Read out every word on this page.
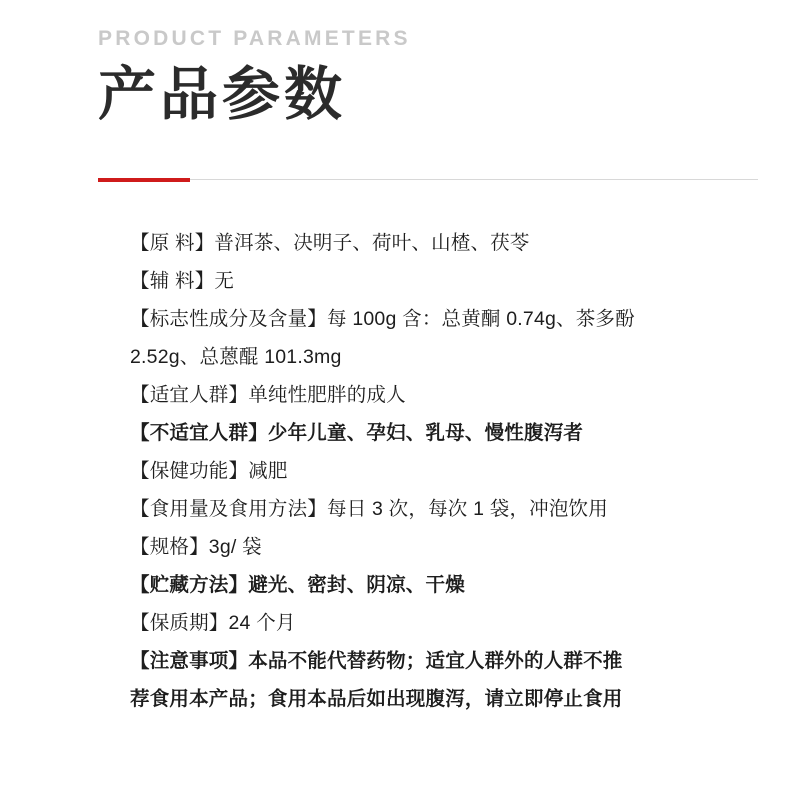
PRODUCT PARAMETERS
产品参数
【原 料】普洱茶、决明子、荷叶、山楂、茯苓
【辅 料】无
【标志性成分及含量】每 100g 含：总黄酮 0.74g、茶多酚
2.52g、总蒽醌 101.3mg
【适宜人群】单纯性肥胖的成人
【不适宜人群】少年儿童、孕妇、乳母、慢性腹泻者
【保健功能】减肥
【食用量及食用方法】每日 3 次，每次 1 袋，冲泡饮用
【规格】3g/ 袋
【贮藏方法】避光、密封、阴凉、干燥
【保质期】24 个月
【注意事项】本品不能代替药物；适宜人群外的人群不推
荐食用本产品；食用本品后如出现腹泻，请立即停止食用
